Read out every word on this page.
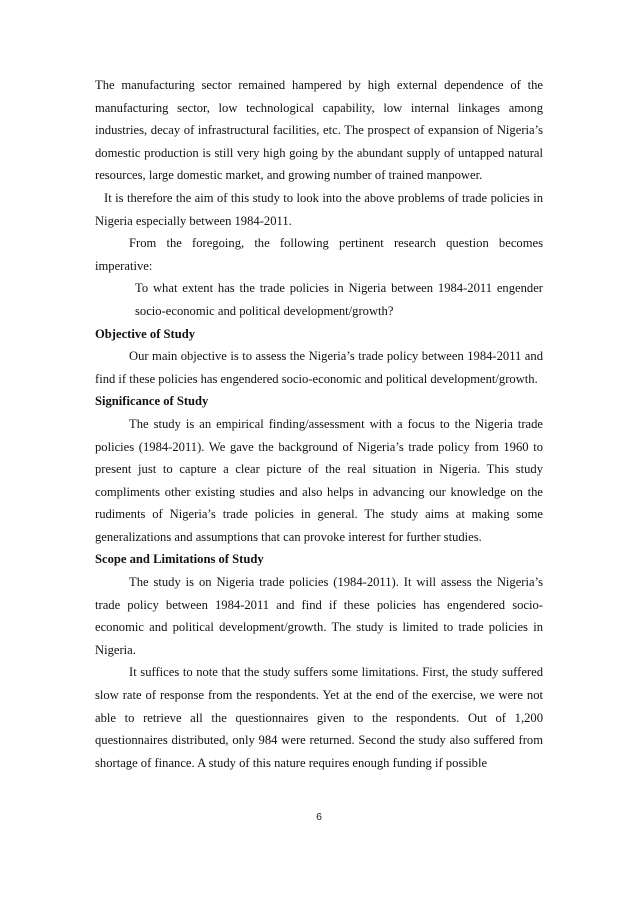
The manufacturing sector remained hampered by high external dependence of the manufacturing sector, low technological capability, low internal linkages among industries, decay of infrastructural facilities, etc. The prospect of expansion of Nigeria’s domestic production is still very high going by the abundant supply of untapped natural resources, large domestic market, and growing number of trained manpower.

It is therefore the aim of this study to look into the above problems of trade policies in Nigeria especially between 1984-2011.

From the foregoing, the following pertinent research question becomes imperative:

To what extent has the trade policies in Nigeria between 1984-2011 engender socio-economic and political development/growth?

Objective of Study

Our main objective is to assess the Nigeria’s trade policy between 1984-2011 and find if these policies has engendered socio-economic and political development/growth.

Significance of Study

The study is an empirical finding/assessment with a focus to the Nigeria trade policies (1984-2011). We gave the background of Nigeria’s trade policy from 1960 to present just to capture a clear picture of the real situation in Nigeria. This study compliments other existing studies and also helps in advancing our knowledge on the rudiments of Nigeria’s trade policies in general. The study aims at making some generalizations and assumptions that can provoke interest for further studies.

Scope and Limitations of Study

The study is on Nigeria trade policies (1984-2011). It will assess the Nigeria’s trade policy between 1984-2011 and find if these policies has engendered socio-economic and political development/growth. The study is limited to trade policies in Nigeria.

It suffices to note that the study suffers some limitations. First, the study suffered slow rate of response from the respondents. Yet at the end of the exercise, we were not able to retrieve all the questionnaires given to the respondents. Out of 1,200 questionnaires distributed, only 984 were returned. Second the study also suffered from shortage of finance. A study of this nature requires enough funding if possible

6
